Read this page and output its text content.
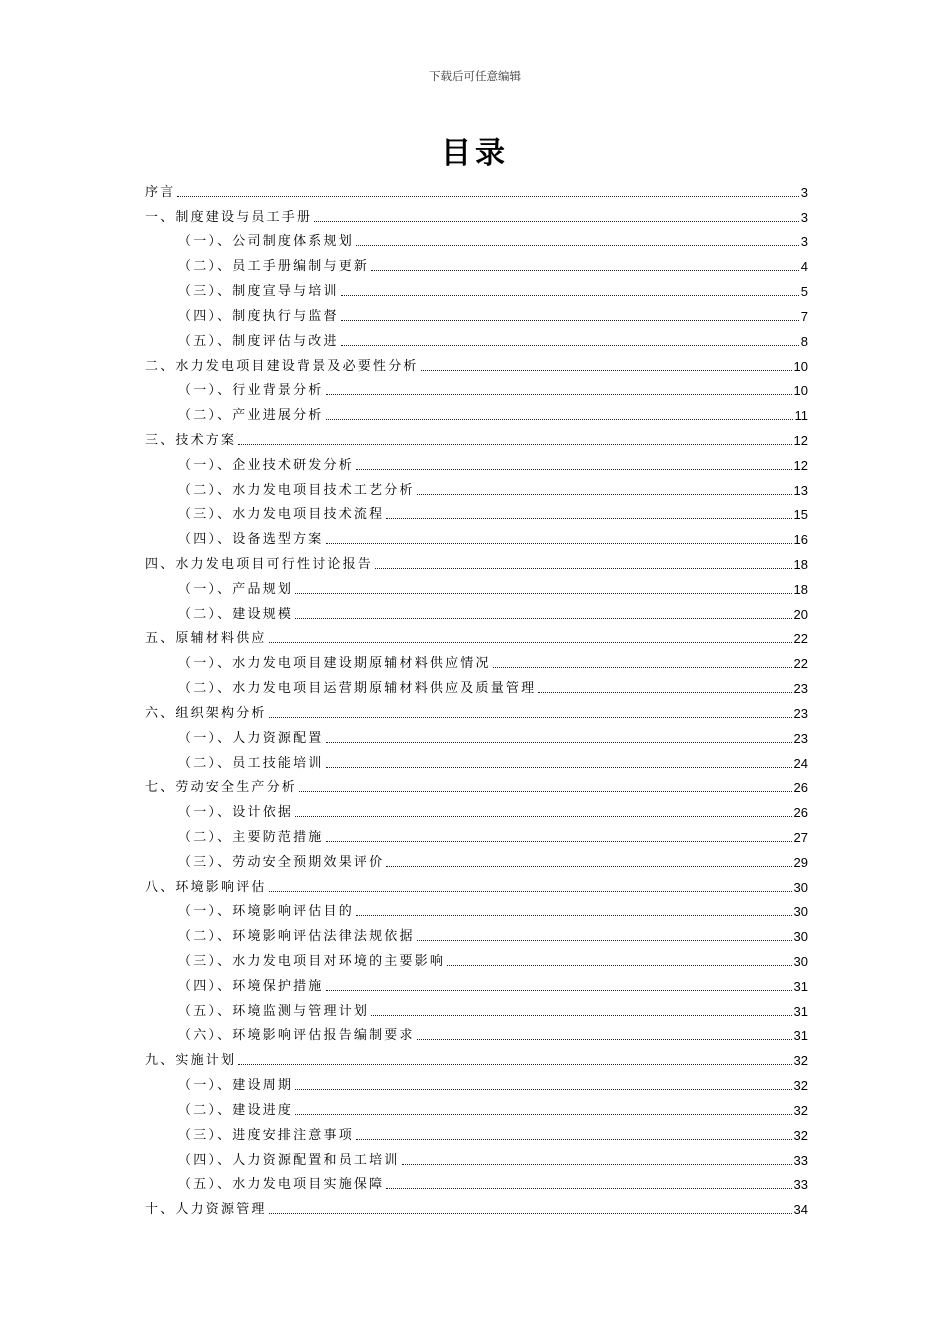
下载后可任意编辑
目录
序言	3
一、制度建设与员工手册	3
（一）、公司制度体系规划	3
（二）、员工手册编制与更新	4
（三）、制度宣导与培训	5
（四）、制度执行与监督	7
（五）、制度评估与改进	8
二、水力发电项目建设背景及必要性分析	10
（一）、行业背景分析	10
（二）、产业进展分析	11
三、技术方案	12
（一）、企业技术研发分析	12
（二）、水力发电项目技术工艺分析	13
（三）、水力发电项目技术流程	15
（四）、设备选型方案	16
四、水力发电项目可行性讨论报告	18
（一）、产品规划	18
（二）、建设规模	20
五、原辅材料供应	22
（一）、水力发电项目建设期原辅材料供应情况	22
（二）、水力发电项目运营期原辅材料供应及质量管理	23
六、组织架构分析	23
（一）、人力资源配置	23
（二）、员工技能培训	24
七、劳动安全生产分析	26
（一）、设计依据	26
（二）、主要防范措施	27
（三）、劳动安全预期效果评价	29
八、环境影响评估	30
（一）、环境影响评估目的	30
（二）、环境影响评估法律法规依据	30
（三）、水力发电项目对环境的主要影响	30
（四）、环境保护措施	31
（五）、环境监测与管理计划	31
（六）、环境影响评估报告编制要求	31
九、实施计划	32
（一）、建设周期	32
（二）、建设进度	32
（三）、进度安排注意事项	32
（四）、人力资源配置和员工培训	33
（五）、水力发电项目实施保障	33
十、人力资源管理	34
